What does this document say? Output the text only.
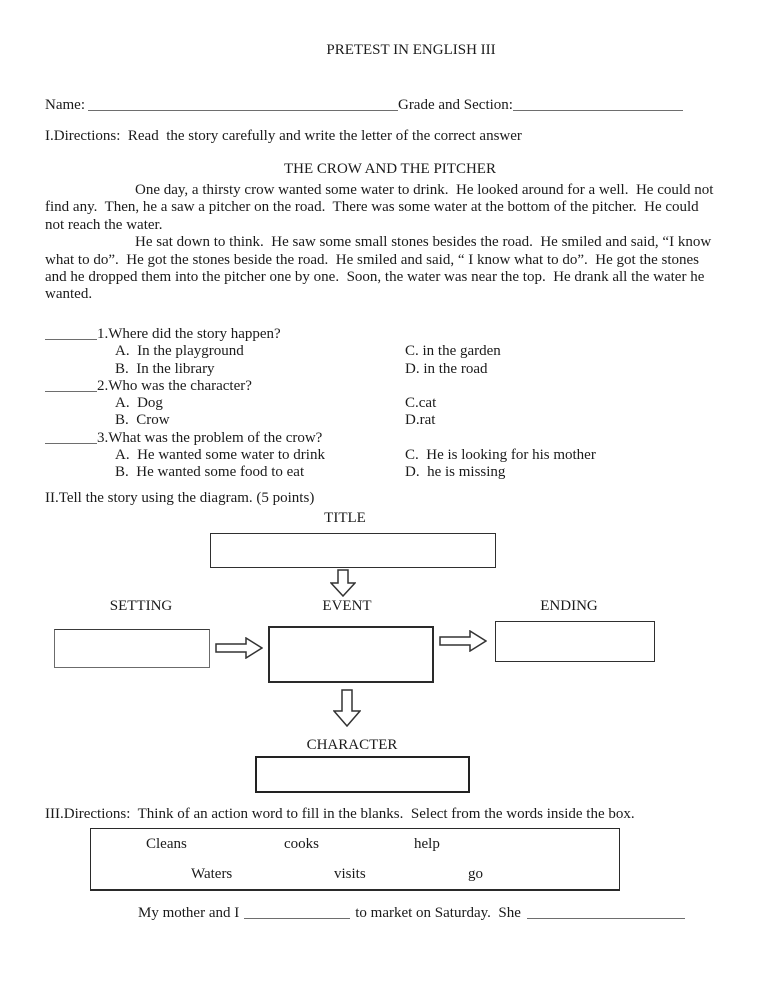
PRETEST IN ENGLISH III
Name:	Grade and Section:
I.Directions:  Read  the story carefully and write the letter of the correct answer
THE CROW AND THE PITCHER
One day, a thirsty crow wanted some water to drink.  He looked around for a well.  He could not
find any.  Then, he a saw a pitcher on the road.  There was some water at the bottom of the pitcher.  He could
not reach the water.
He sat down to think.  He saw some small stones besides the road.  He smiled and said, “I know
what to do”.  He got the stones beside the road.  He smiled and said, “ I know what to do”.  He got the stones
and he dropped them into the pitcher one by one.  Soon, the water was near the top.  He drank all the water he
wanted.
1.Where did the story happen?
A.  In the playground	C. in the garden
B.  In the library	D. in the road
2.Who was the character?
A.  Dog	C.cat
B.  Crow	D.rat
3.What was the problem of the crow?
A.  He wanted some water to drink	C.  He is looking for his mother
B.  He wanted some food to eat	D.  he is missing
II.Tell the story using the diagram. (5 points)
TITLE
SETTING	EVENT	ENDING
CHARACTER
III.Directions:  Think of an action word to fill in the blanks.  Select from the words inside the box.
Cleans	cooks	help
Waters	visits	go
My mother and I	to market on Saturday.  She
